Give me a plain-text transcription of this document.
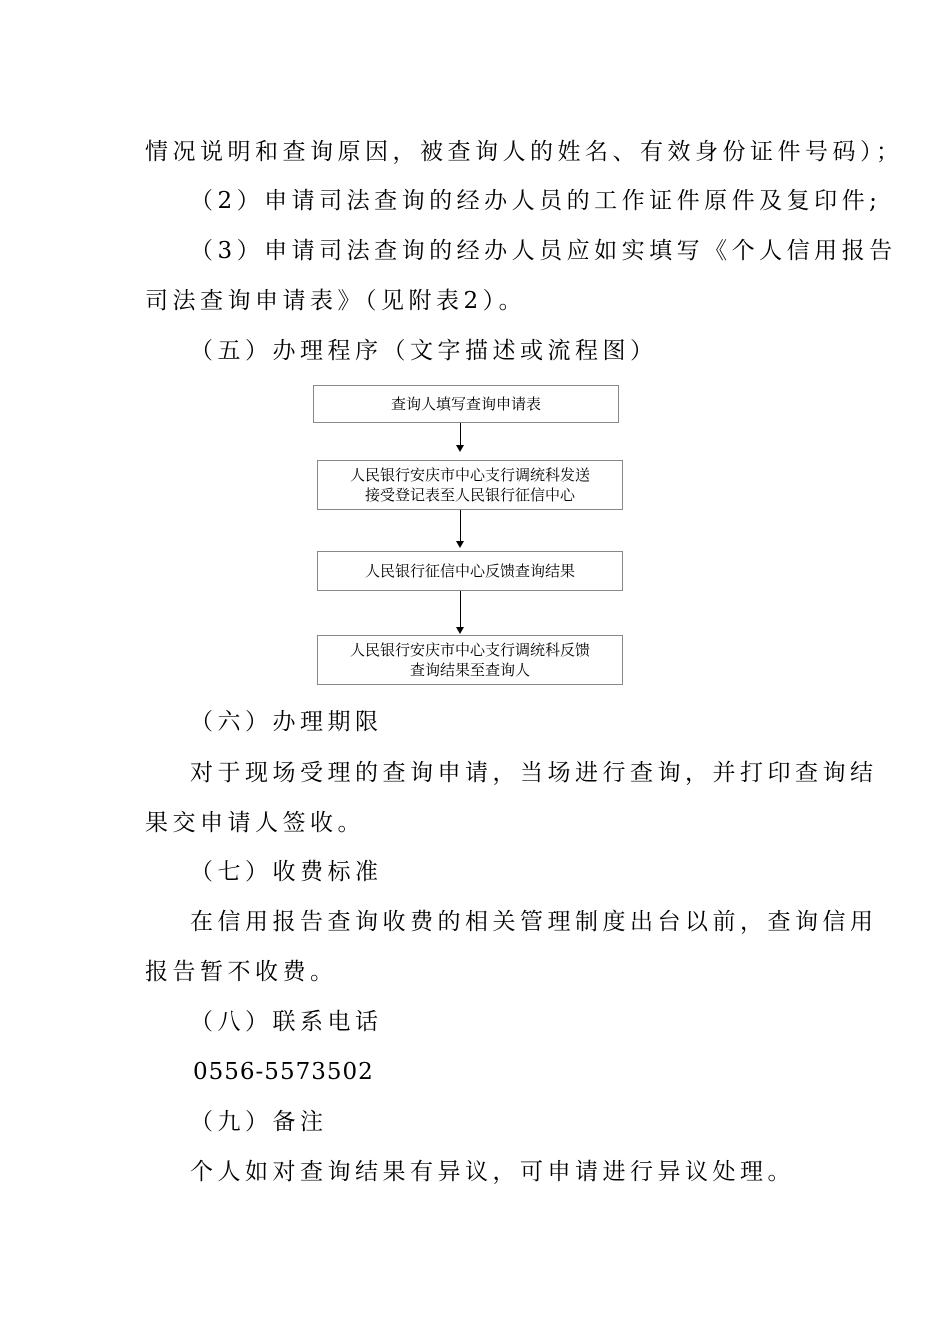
情况说明和查询原因，被查询人的姓名、有效身份证件号码）；

（2）申请司法查询的经办人员的工作证件原件及复印件;

（3）申请司法查询的经办人员应如实填写《个人信用报告

司法查询申请表》（见附表2）。

（五）办理程序（文字描述或流程图）

查询人填写查询申请表
人民银行安庆市中心支行调统科发送
接受登记表至人民银行征信中心
人民银行征信中心反馈查询结果
人民银行安庆市中心支行调统科反馈
查询结果至查询人

（六）办理期限

对于现场受理的查询申请，当场进行查询，并打印查询结

果交申请人签收。

（七）收费标准

在信用报告查询收费的相关管理制度出台以前，查询信用

报告暂不收费。

（八）联系电话

0556-5573502

（九）备注

个人如对查询结果有异议，可申请进行异议处理。
